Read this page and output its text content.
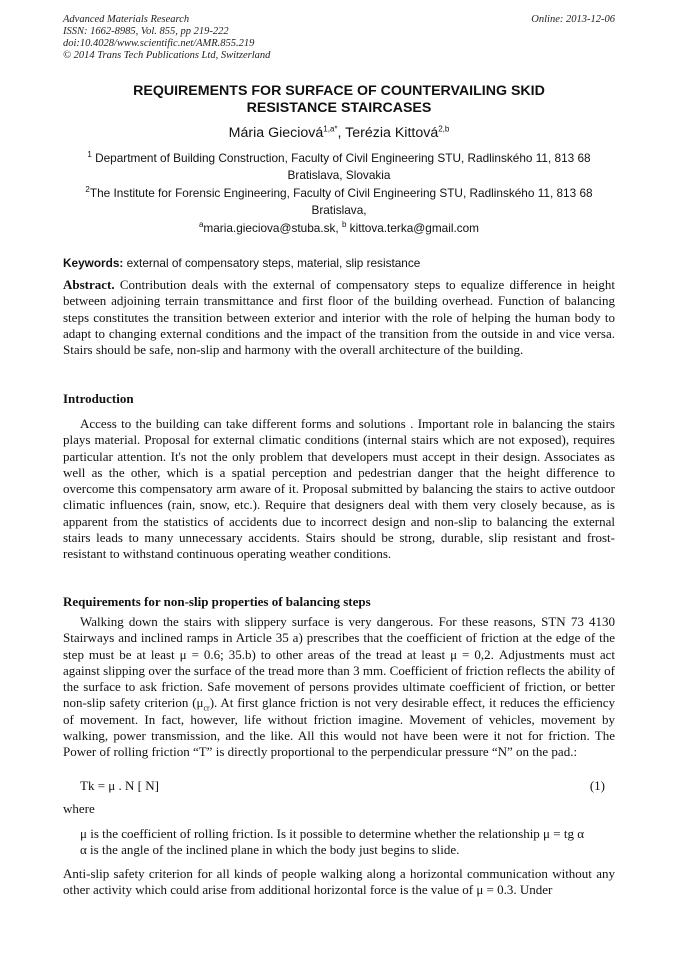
Advanced Materials Research
ISSN: 1662-8985, Vol. 855, pp 219-222
doi:10.4028/www.scientific.net/AMR.855.219
© 2014 Trans Tech Publications Ltd, Switzerland
Online: 2013-12-06
REQUIREMENTS FOR SURFACE OF COUNTERVAILING SKID
RESISTANCE STAIRCASES
Mária Giecіová$^{1,a*}$, Terézia Kittová$^{2,b}$
$^1$ Department of Building Construction, Faculty of Civil Engineering STU, Radlinského 11, 813 68
Bratislava, Slovakia
$^2$The Institute for Forensic Engineering, Faculty of Civil Engineering STU, Radlinského 11, 813 68
Bratislava,
$^a$maria.gieciova@stuba.sk, $^b$ kittova.terka@gmail.com
Keywords: external of compensatory steps, material, slip resistance
Abstract. Contribution deals with the external of compensatory steps to equalize difference in height between adjoining terrain transmittance and first floor of the building overhead. Function of balancing steps constitutes the transition between exterior and interior with the role of helping the human body to adapt to changing external conditions and the impact of the transition from the outside in and vice versa. Stairs should be safe, non-slip and harmony with the overall architecture of the building.
Introduction
Access to the building can take different forms and solutions . Important role in balancing the stairs plays material. Proposal for external climatic conditions (internal stairs which are not exposed), requires particular attention. It's not the only problem that developers must accept in their design. Associates as well as the other, which is a spatial perception and pedestrian danger that the height difference to overcome this compensatory arm aware of it. Proposal submitted by balancing the stairs to active outdoor climatic influences (rain, snow, etc.). Require that designers deal with them very closely because, as is apparent from the statistics of accidents due to incorrect design and non-slip to balancing the external stairs leads to many unnecessary accidents. Stairs should be strong, durable, slip resistant and frost-resistant to withstand continuous operating weather conditions.
Requirements for non-slip properties of balancing steps
Walking down the stairs with slippery surface is very dangerous. For these reasons, STN 73 4130 Stairways and inclined ramps in Article 35 a) prescribes that the coefficient of friction at the edge of the step must be at least μ = 0.6; 35.b) to other areas of the tread at least μ = 0,2. Adjustments must act against slipping over the surface of the tread more than 3 mm. Coefficient of friction reflects the ability of the surface to ask friction. Safe movement of persons provides ultimate coefficient of friction, or better non-slip safety criterion $(\mu_{cr})$. At first glance friction is not very desirable effect, it reduces the efficiency of movement. In fact, however, life without friction imagine. Movement of vehicles, movement by walking, power transmission, and the like. All this would not have been were it not for friction. The Power of rolling friction “T” is directly proportional to the perpendicular pressure “N” on the pad.:
Tk = μ . N [ N]	(1)
where
μ is the coefficient of rolling friction. Is it possible to determine whether the relationship μ = tg α
α is the angle of the inclined plane in which the body just begins to slide.
Anti-slip safety criterion for all kinds of people walking along a horizontal communication without any other activity which could arise from additional horizontal force is the value of μ = 0.3. Under
